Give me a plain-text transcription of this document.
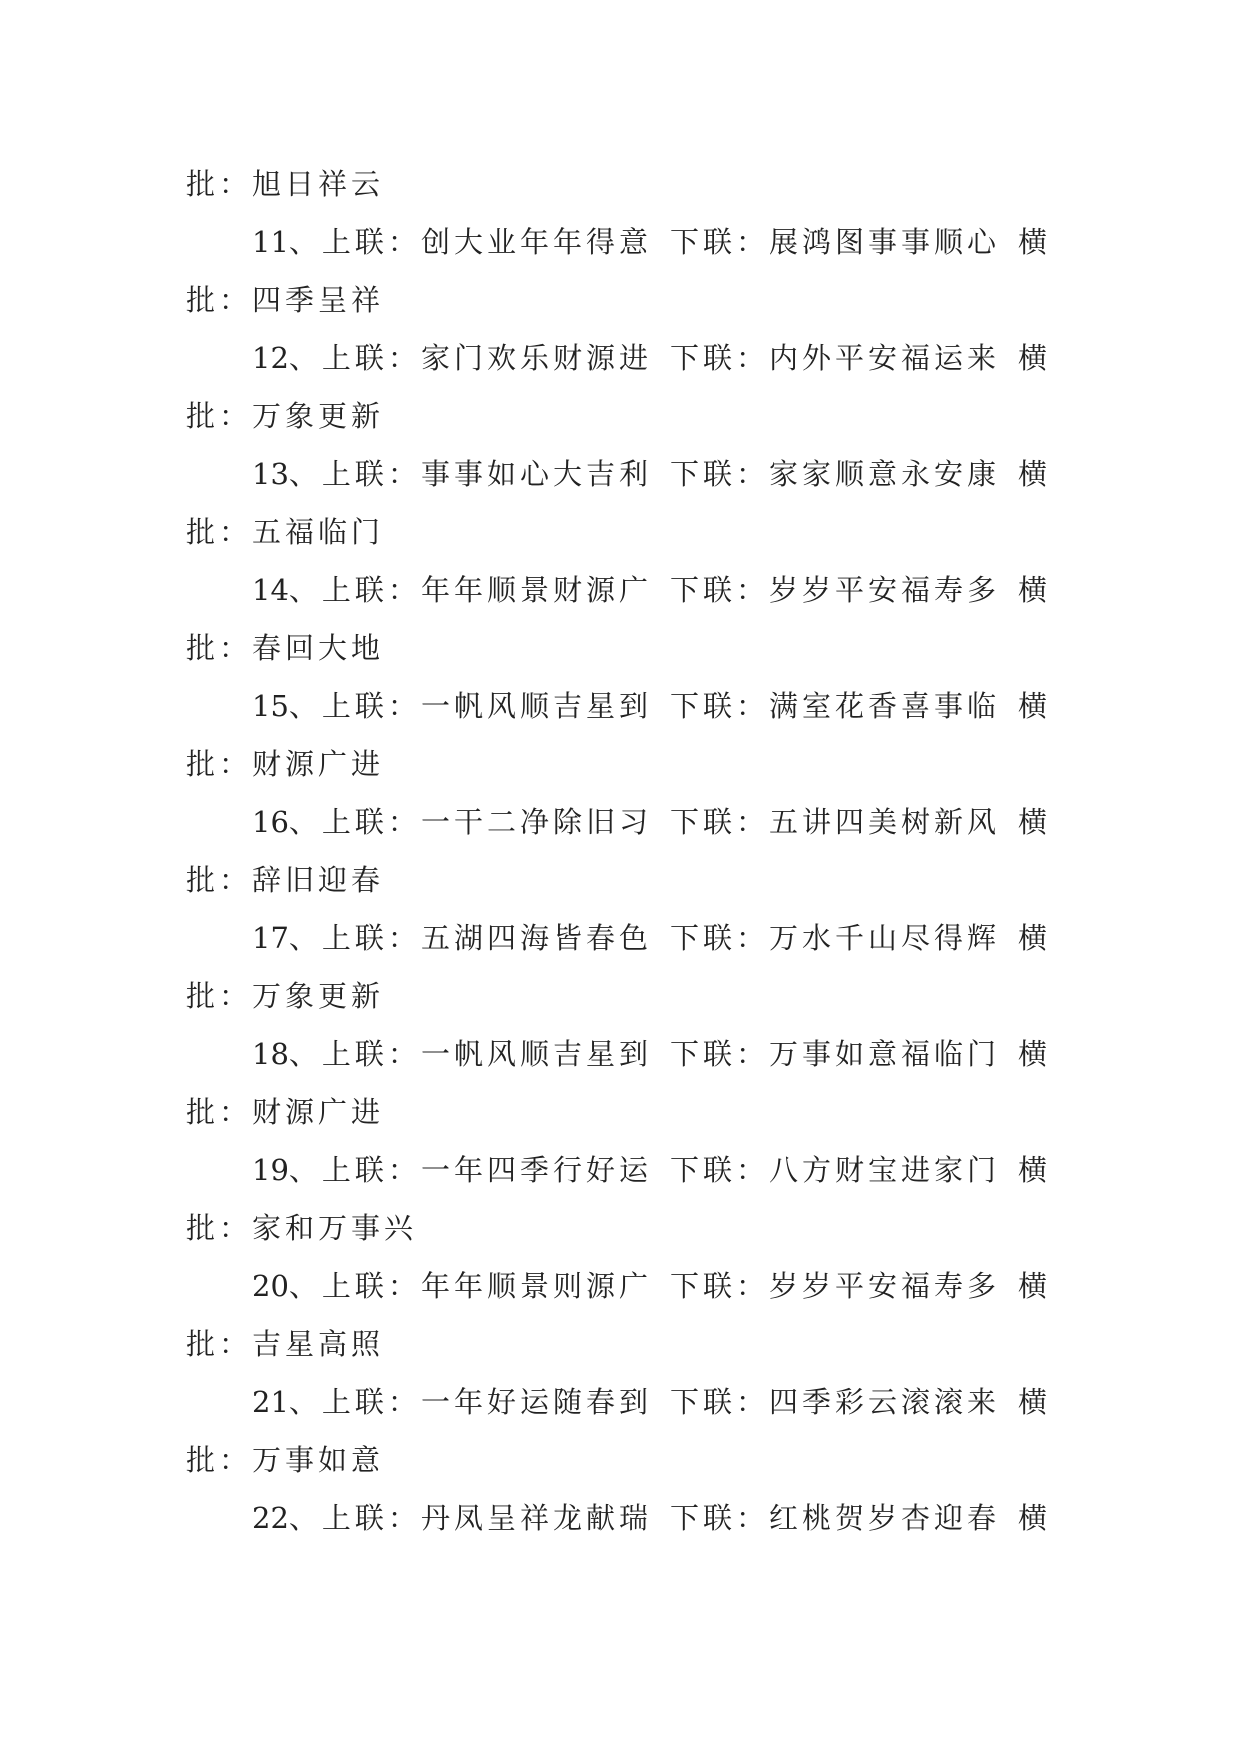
批：旭日祥云
11、上联：创大业年年得意 下联：展鸿图事事顺心 横
批：四季呈祥
12、上联：家门欢乐财源进 下联：内外平安福运来 横
批：万象更新
13、上联：事事如心大吉利 下联：家家顺意永安康 横
批：五福临门
14、上联：年年顺景财源广 下联：岁岁平安福寿多 横
批：春回大地
15、上联：一帆风顺吉星到 下联：满室花香喜事临 横
批：财源广进
16、上联：一干二净除旧习 下联：五讲四美树新风 横
批：辞旧迎春
17、上联：五湖四海皆春色 下联：万水千山尽得辉 横
批：万象更新
18、上联：一帆风顺吉星到 下联：万事如意福临门 横
批：财源广进
19、上联：一年四季行好运 下联：八方财宝进家门 横
批：家和万事兴
20、上联：年年顺景则源广 下联：岁岁平安福寿多 横
批：吉星高照
21、上联：一年好运随春到 下联：四季彩云滚滚来 横
批：万事如意
22、上联：丹凤呈祥龙献瑞 下联：红桃贺岁杏迎春 横
